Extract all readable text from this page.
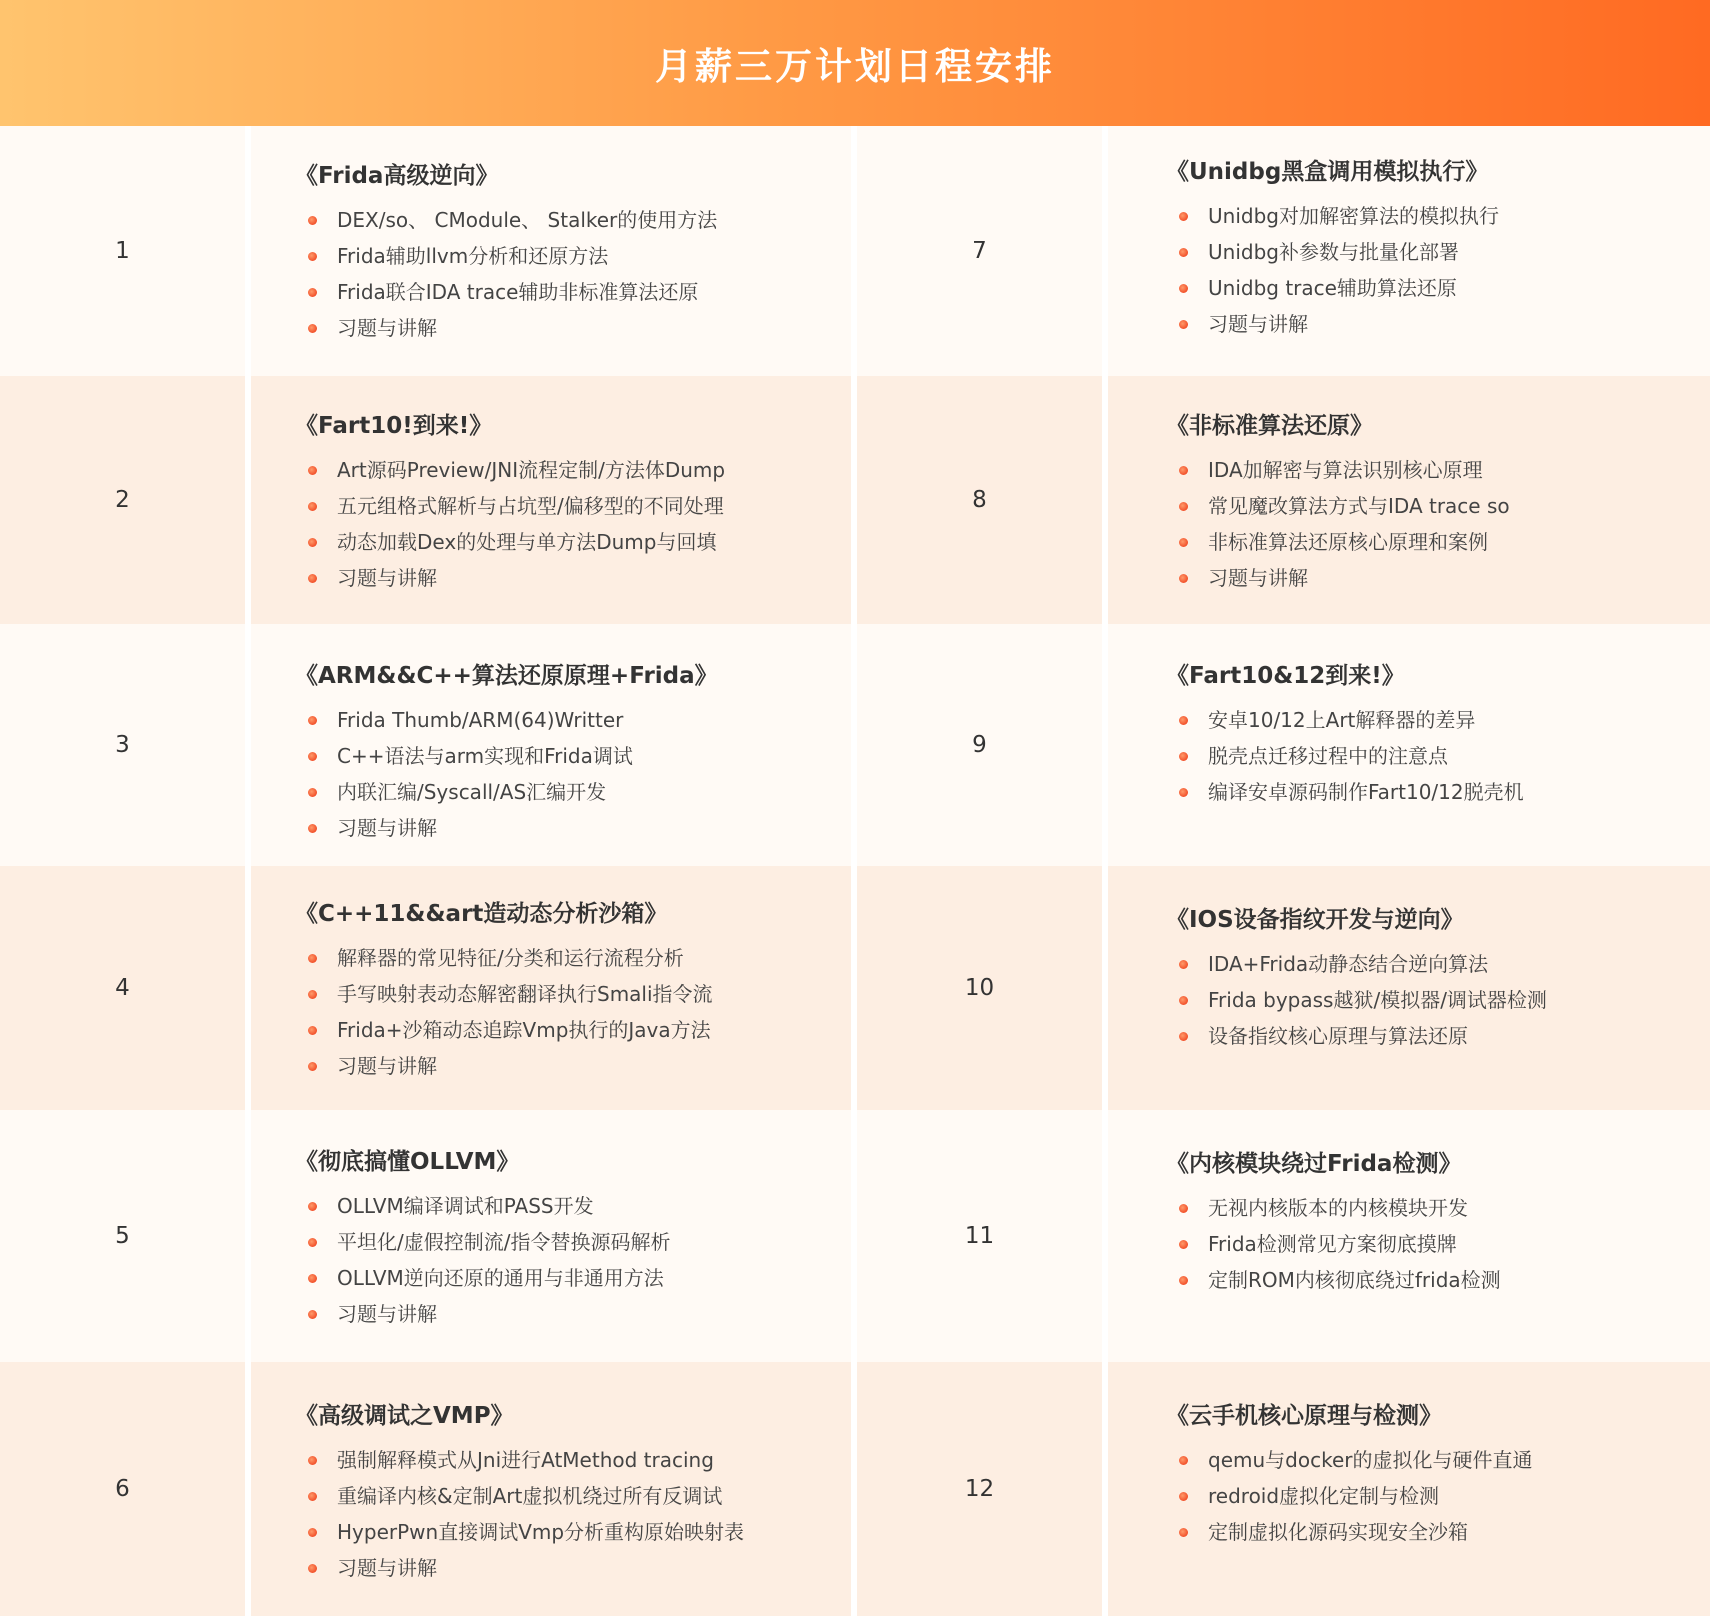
月薪三万计划日程安排
1
《Frida高级逆向》
DEX/so、 CModule、 Stalker的使用方法
Frida辅助llvm分析和还原方法
Frida联合IDA trace辅助非标准算法还原
习题与讲解
7
《Unidbg黑盒调用模拟执行》
Unidbg对加解密算法的模拟执行
Unidbg补参数与批量化部署
Unidbg trace辅助算法还原
习题与讲解
2
《Fart10!到来!》
Art源码Preview/JNI流程定制/方法体Dump
五元组格式解析与占坑型/偏移型的不同处理
动态加载Dex的处理与单方法Dump与回填
习题与讲解
8
《非标准算法还原》
IDA加解密与算法识别核心原理
常见魔改算法方式与IDA trace so
非标准算法还原核心原理和案例
习题与讲解
3
《ARM&&C++算法还原原理+Frida》
Frida Thumb/ARM(64)Writter
C++语法与arm实现和Frida调试
内联汇编/Syscall/AS汇编开发
习题与讲解
9
《Fart10&12到来!》
安卓10/12上Art解释器的差异
脱壳点迁移过程中的注意点
编译安卓源码制作Fart10/12脱壳机
4
《C++11&&art造动态分析沙箱》
解释器的常见特征/分类和运行流程分析
手写映射表动态解密翻译执行Smali指令流
Frida+沙箱动态追踪Vmp执行的Java方法
习题与讲解
10
《IOS设备指纹开发与逆向》
IDA+Frida动静态结合逆向算法
Frida bypass越狱/模拟器/调试器检测
设备指纹核心原理与算法还原
5
《彻底搞懂OLLVM》
OLLVM编译调试和PASS开发
平坦化/虚假控制流/指令替换源码解析
OLLVM逆向还原的通用与非通用方法
习题与讲解
11
《内核模块绕过Frida检测》
无视内核版本的内核模块开发
Frida检测常见方案彻底摸牌
定制ROM内核彻底绕过frida检测
6
《高级调试之VMP》
强制解释模式从Jni进行AtMethod tracing
重编译内核&定制Art虚拟机绕过所有反调试
HyperPwn直接调试Vmp分析重构原始映射表
习题与讲解
12
《云手机核心原理与检测》
qemu与docker的虚拟化与硬件直通
redroid虚拟化定制与检测
定制虚拟化源码实现安全沙箱
